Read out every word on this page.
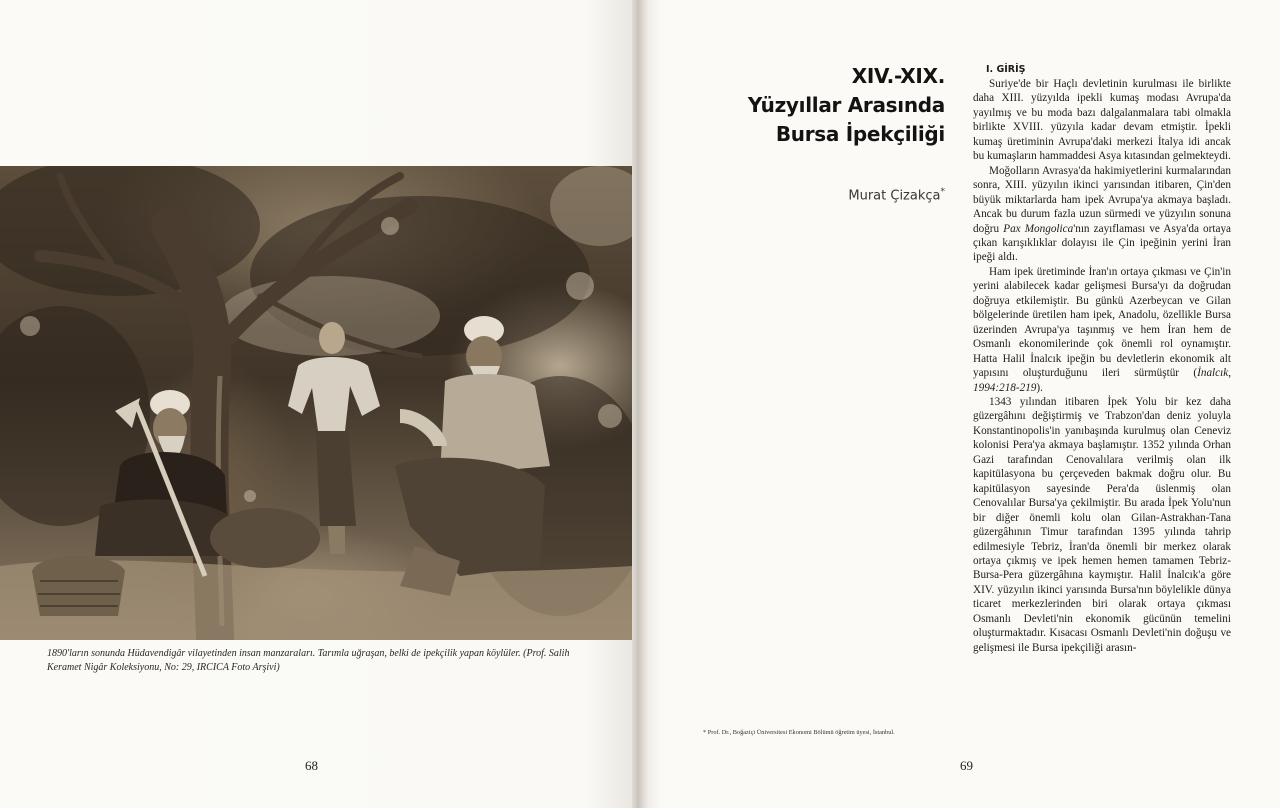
1890'ların sonunda Hüdavendigâr vilayetinden insan manzaraları. Tarımla uğraşan, belki de ipekçilik yapan köylüler. (Prof. Salih Keramet Nigâr Koleksiyonu, No: 29, IRCICA Foto Arşivi)
68
XIV.-XIX.
Yüzyıllar Arasında
Bursa İpekçiliği
Murat Çizakça*
I. GİRİŞ

Suriye'de bir Haçlı devletinin kurulması ile birlikte daha XIII. yüzyılda ipekli kumaş modası Avrupa'da yayılmış ve bu moda bazı dalgalanmalara tabi olmakla birlikte XVIII. yüzyıla kadar devam etmiştir. İpekli kumaş üretiminin Avrupa'daki merkezi İtalya idi ancak bu kumaşların hammaddesi Asya kıtasından gelmekteydi.

Moğolların Avrasya'da hakimiyetlerini kurmalarından sonra, XIII. yüzyılın ikinci yarısından itibaren, Çin'den büyük miktarlarda ham ipek Avrupa'ya akmaya başladı. Ancak bu durum fazla uzun sürmedi ve yüzyılın sonuna doğru Pax Mongolica'nın zayıflaması ve Asya'da ortaya çıkan karışıklıklar dolayısı ile Çin ipeğinin yerini İran ipeği aldı.

Ham ipek üretiminde İran'ın ortaya çıkması ve Çin'in yerini alabilecek kadar gelişmesi Bursa'yı da doğrudan doğruya etkilemiştir. Bu günkü Azerbeycan ve Gilan bölgelerinde üretilen ham ipek, Anadolu, özellikle Bursa üzerinden Avrupa'ya taşınmış ve hem İran hem de Osmanlı ekonomilerinde çok önemli rol oynamıştır. Hatta Halil İnalcık ipeğin bu devletlerin ekonomik alt yapısını oluşturduğunu ileri sürmüştür (İnalcık, 1994:218-219).

1343 yılından itibaren İpek Yolu bir kez daha güzergâhını değiştirmiş ve Trabzon'dan deniz yoluyla Konstantinopolis'in yanıbaşında kurulmuş olan Ceneviz kolonisi Pera'ya akmaya başlamıştır. 1352 yılında Orhan Gazi tarafından Cenovalılara verilmiş olan ilk kapitülasyona bu çerçeveden bakmak doğru olur. Bu kapitülasyon sayesinde Pera'da üslenmiş olan Cenovalılar Bursa'ya çekilmiştir. Bu arada İpek Yolu'nun bir diğer önemli kolu olan Gilan-Astrakhan-Tana güzergâhının Timur tarafından 1395 yılında tahrip edilmesiyle Tebriz, İran'da önemli bir merkez olarak ortaya çıkmış ve ipek hemen hemen tamamen Tebriz-Bursa-Pera güzergâhına kaymıştır. Halil İnalcık'a göre XIV. yüzyılın ikinci yarısında Bursa'nın böylelikle dünya ticaret merkezlerinden biri olarak ortaya çıkması Osmanlı Devleti'nin ekonomik gücünün temelini oluşturmaktadır. Kısacası Osmanlı Devleti'nin doğuşu ve gelişmesi ile Bursa ipekçiliği arasın-

* Prof. Dr., Boğaziçi Üniversitesi Ekonomi Bölümü öğretim üyesi, İstanbul.
69
